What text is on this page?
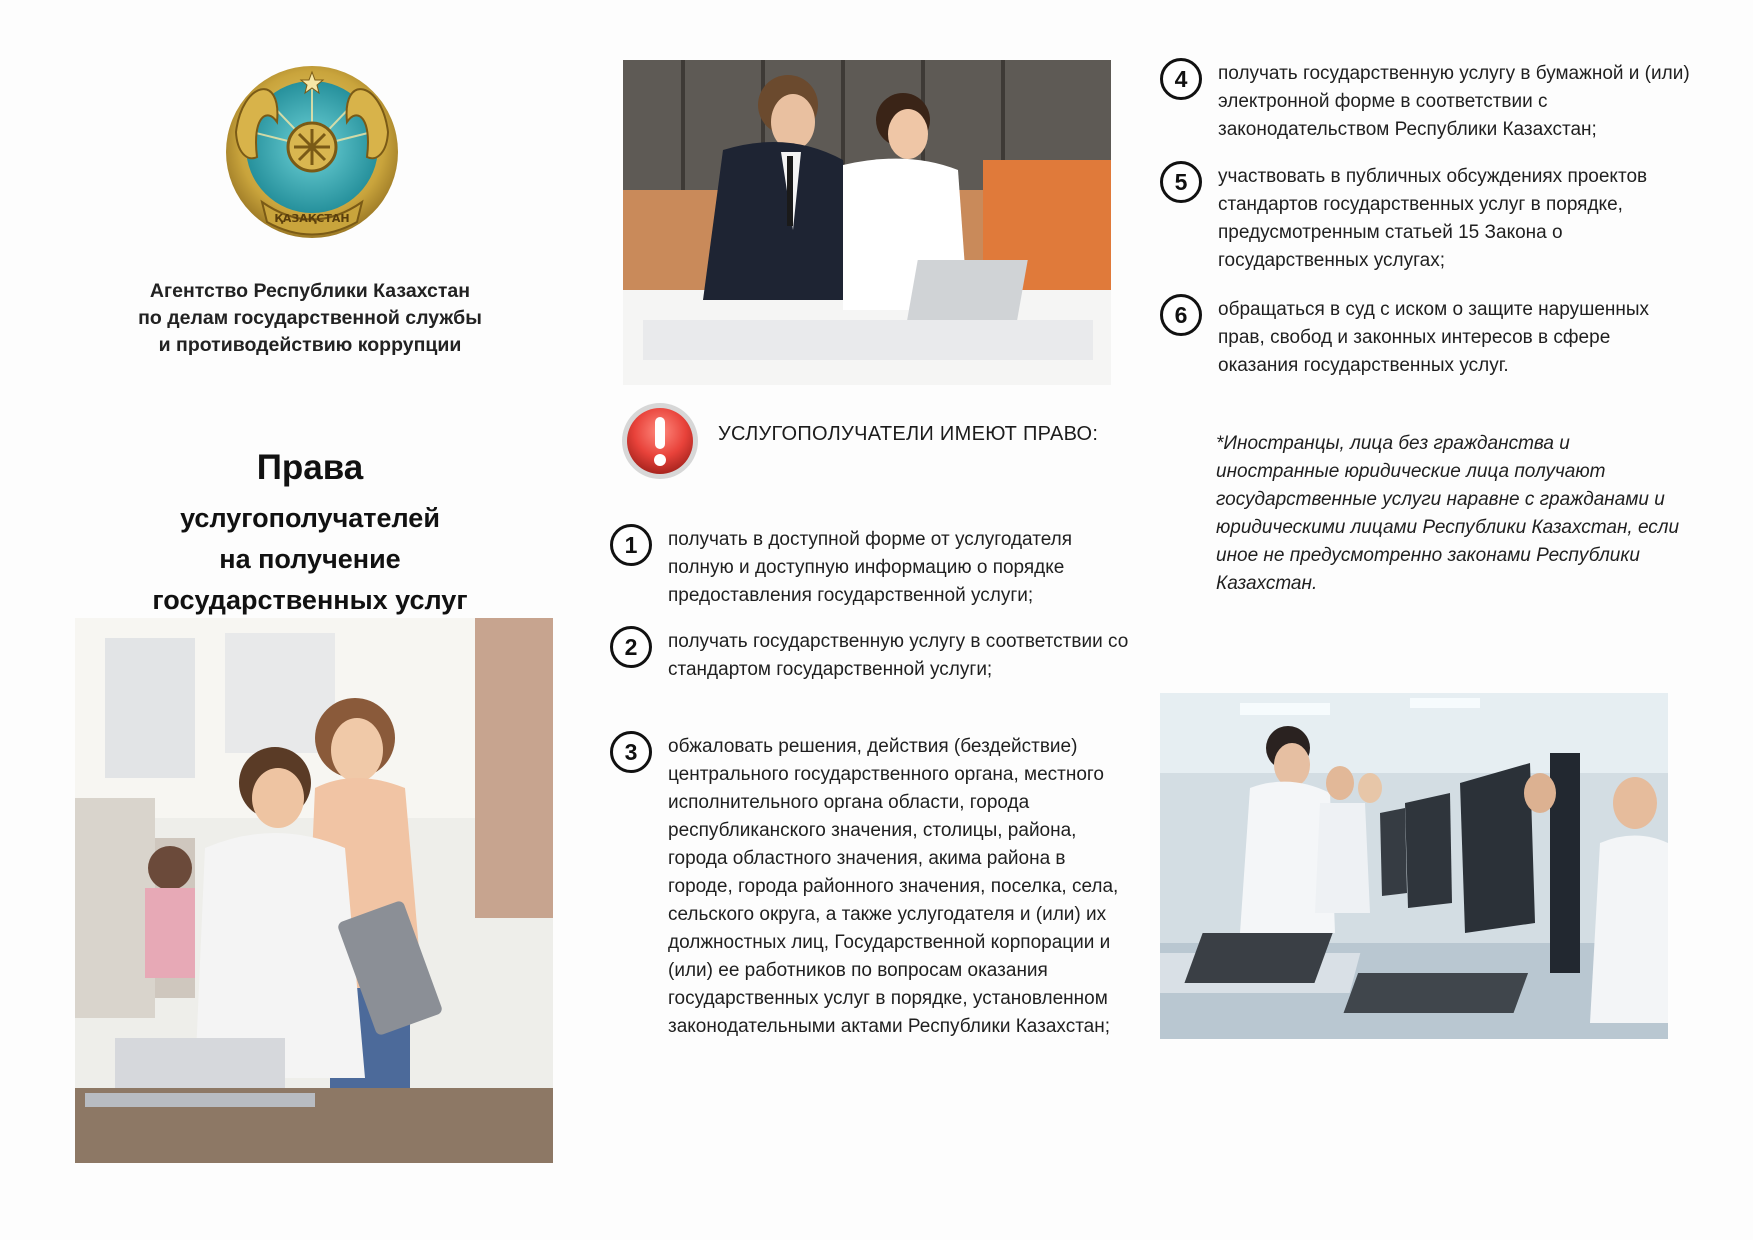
ҚАЗАҚСТАН
Агентство Республики Казахстан
по делам государственной службы
и противодействию коррупции
Права
услугополучателей
на получение
государственных услуг
УСЛУГОПОЛУЧАТЕЛИ ИМЕЮТ ПРАВО:
1	получать в доступной форме от услугодателя полную и доступную информацию о порядке предоставления государственной услуги;
2	получать государственную услугу в соответствии со стандартом государственной услуги;
3	обжаловать решения, действия (бездействие) центрального государственного органа, местного исполнительного органа области, города республиканского значения, столицы, района, города областного значения, акима района в городе, города районного значения, поселка, села, сельского округа, а также услугодателя и (или) их должностных лиц, Государственной корпорации и (или) ее работников по вопросам оказания государственных услуг в порядке, установленном законодательными актами Республики Казахстан;
4	получать государственную услугу в бумажной и (или) электронной форме в соответствии с законодательством Республики Казахстан;
5	участвовать в публичных обсуждениях проектов стандартов государственных услуг в порядке, предусмотренным статьей 15 Закона о государственных услугах;
6	обращаться в суд с иском о защите нарушенных прав, свобод и законных интересов в сфере оказания государственных услуг.
*Иностранцы, лица без гражданства и иностранные юридические лица получают государственные услуги наравне с гражданами и юридическими лицами Республики Казахстан, если иное не предусмотренно законами Республики Казахстан.
